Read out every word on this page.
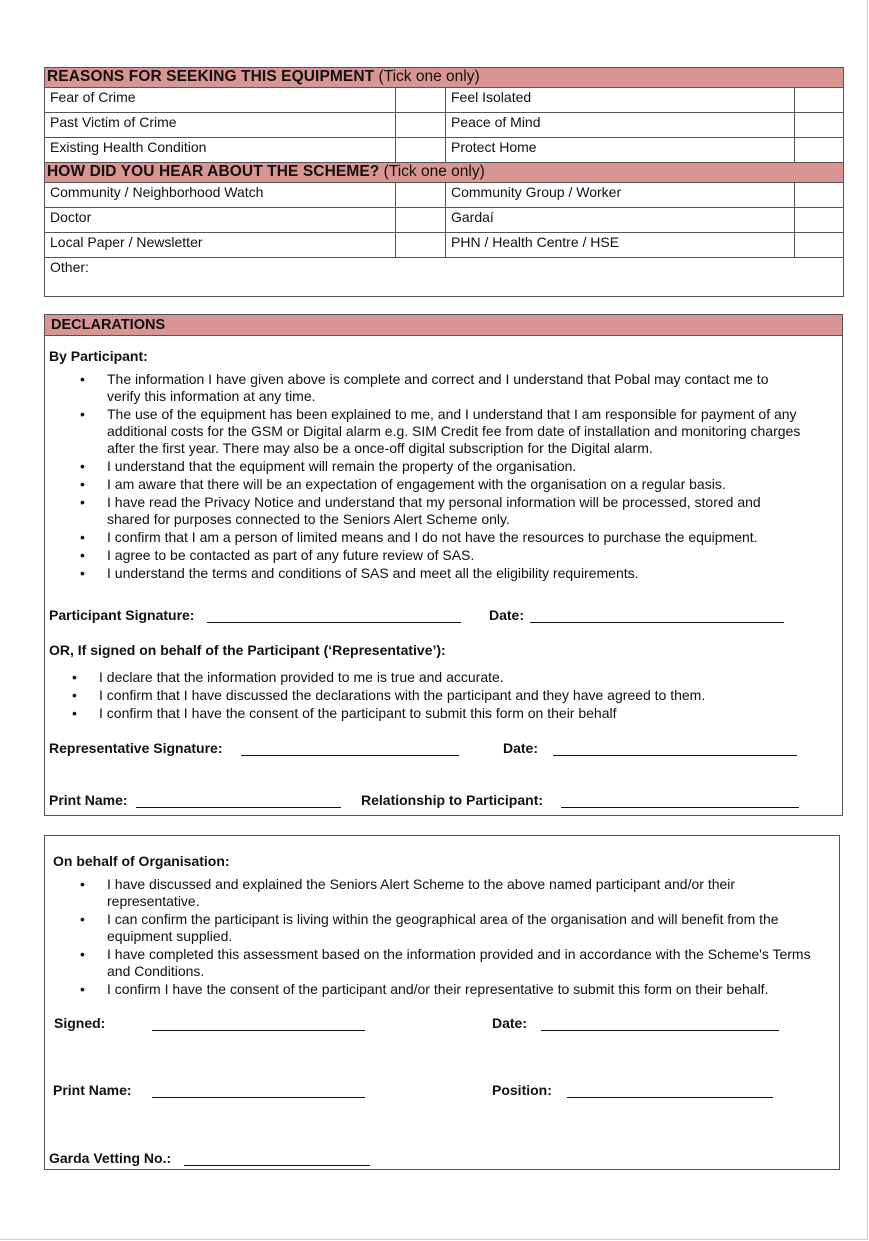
REASONS FOR SEEKING THIS EQUIPMENT (Tick one only)			
Fear of Crime		Feel Isolated	
Past Victim of Crime		Peace of Mind	
Existing Health Condition		Protect Home	
HOW DID YOU HEAR ABOUT THE SCHEME? (Tick one only)			
Community / Neighborhood Watch		Community Group / Worker	
Doctor		Gardaí	
Local Paper / Newsletter		PHN / Health Centre / HSE	
Other:			
DECLARATIONS
By Participant:
• The information I have given above is complete and correct and I understand that Pobal may contact me to verify this information at any time.
• The use of the equipment has been explained to me, and I understand that I am responsible for payment of any additional costs for the GSM or Digital alarm e.g. SIM Credit fee from date of installation and monitoring charges after the first year. There may also be a once-off digital subscription for the Digital alarm.
• I understand that the equipment will remain the property of the organisation.
• I am aware that there will be an expectation of engagement with the organisation on a regular basis.
• I have read the Privacy Notice and understand that my personal information will be processed, stored and shared for purposes connected to the Seniors Alert Scheme only.
• I confirm that I am a person of limited means and I do not have the resources to purchase the equipment.
• I agree to be contacted as part of any future review of SAS.
• I understand the terms and conditions of SAS and meet all the eligibility requirements.
Participant Signature:	Date:
OR, If signed on behalf of the Participant (‘Representative’):
• I declare that the information provided to me is true and accurate.
• I confirm that I have discussed the declarations with the participant and they have agreed to them.
• I confirm that I have the consent of the participant to submit this form on their behalf
Representative Signature:	Date:
Print Name:	Relationship to Participant:
On behalf of Organisation:
• I have discussed and explained the Seniors Alert Scheme to the above named participant and/or their representative.
• I can confirm the participant is living within the geographical area of the organisation and will benefit from the equipment supplied.
• I have completed this assessment based on the information provided and in accordance with the Scheme's Terms and Conditions.
• I confirm I have the consent of the participant and/or their representative to submit this form on their behalf.
Signed:	Date:
Print Name:	Position:
Garda Vetting No.:
